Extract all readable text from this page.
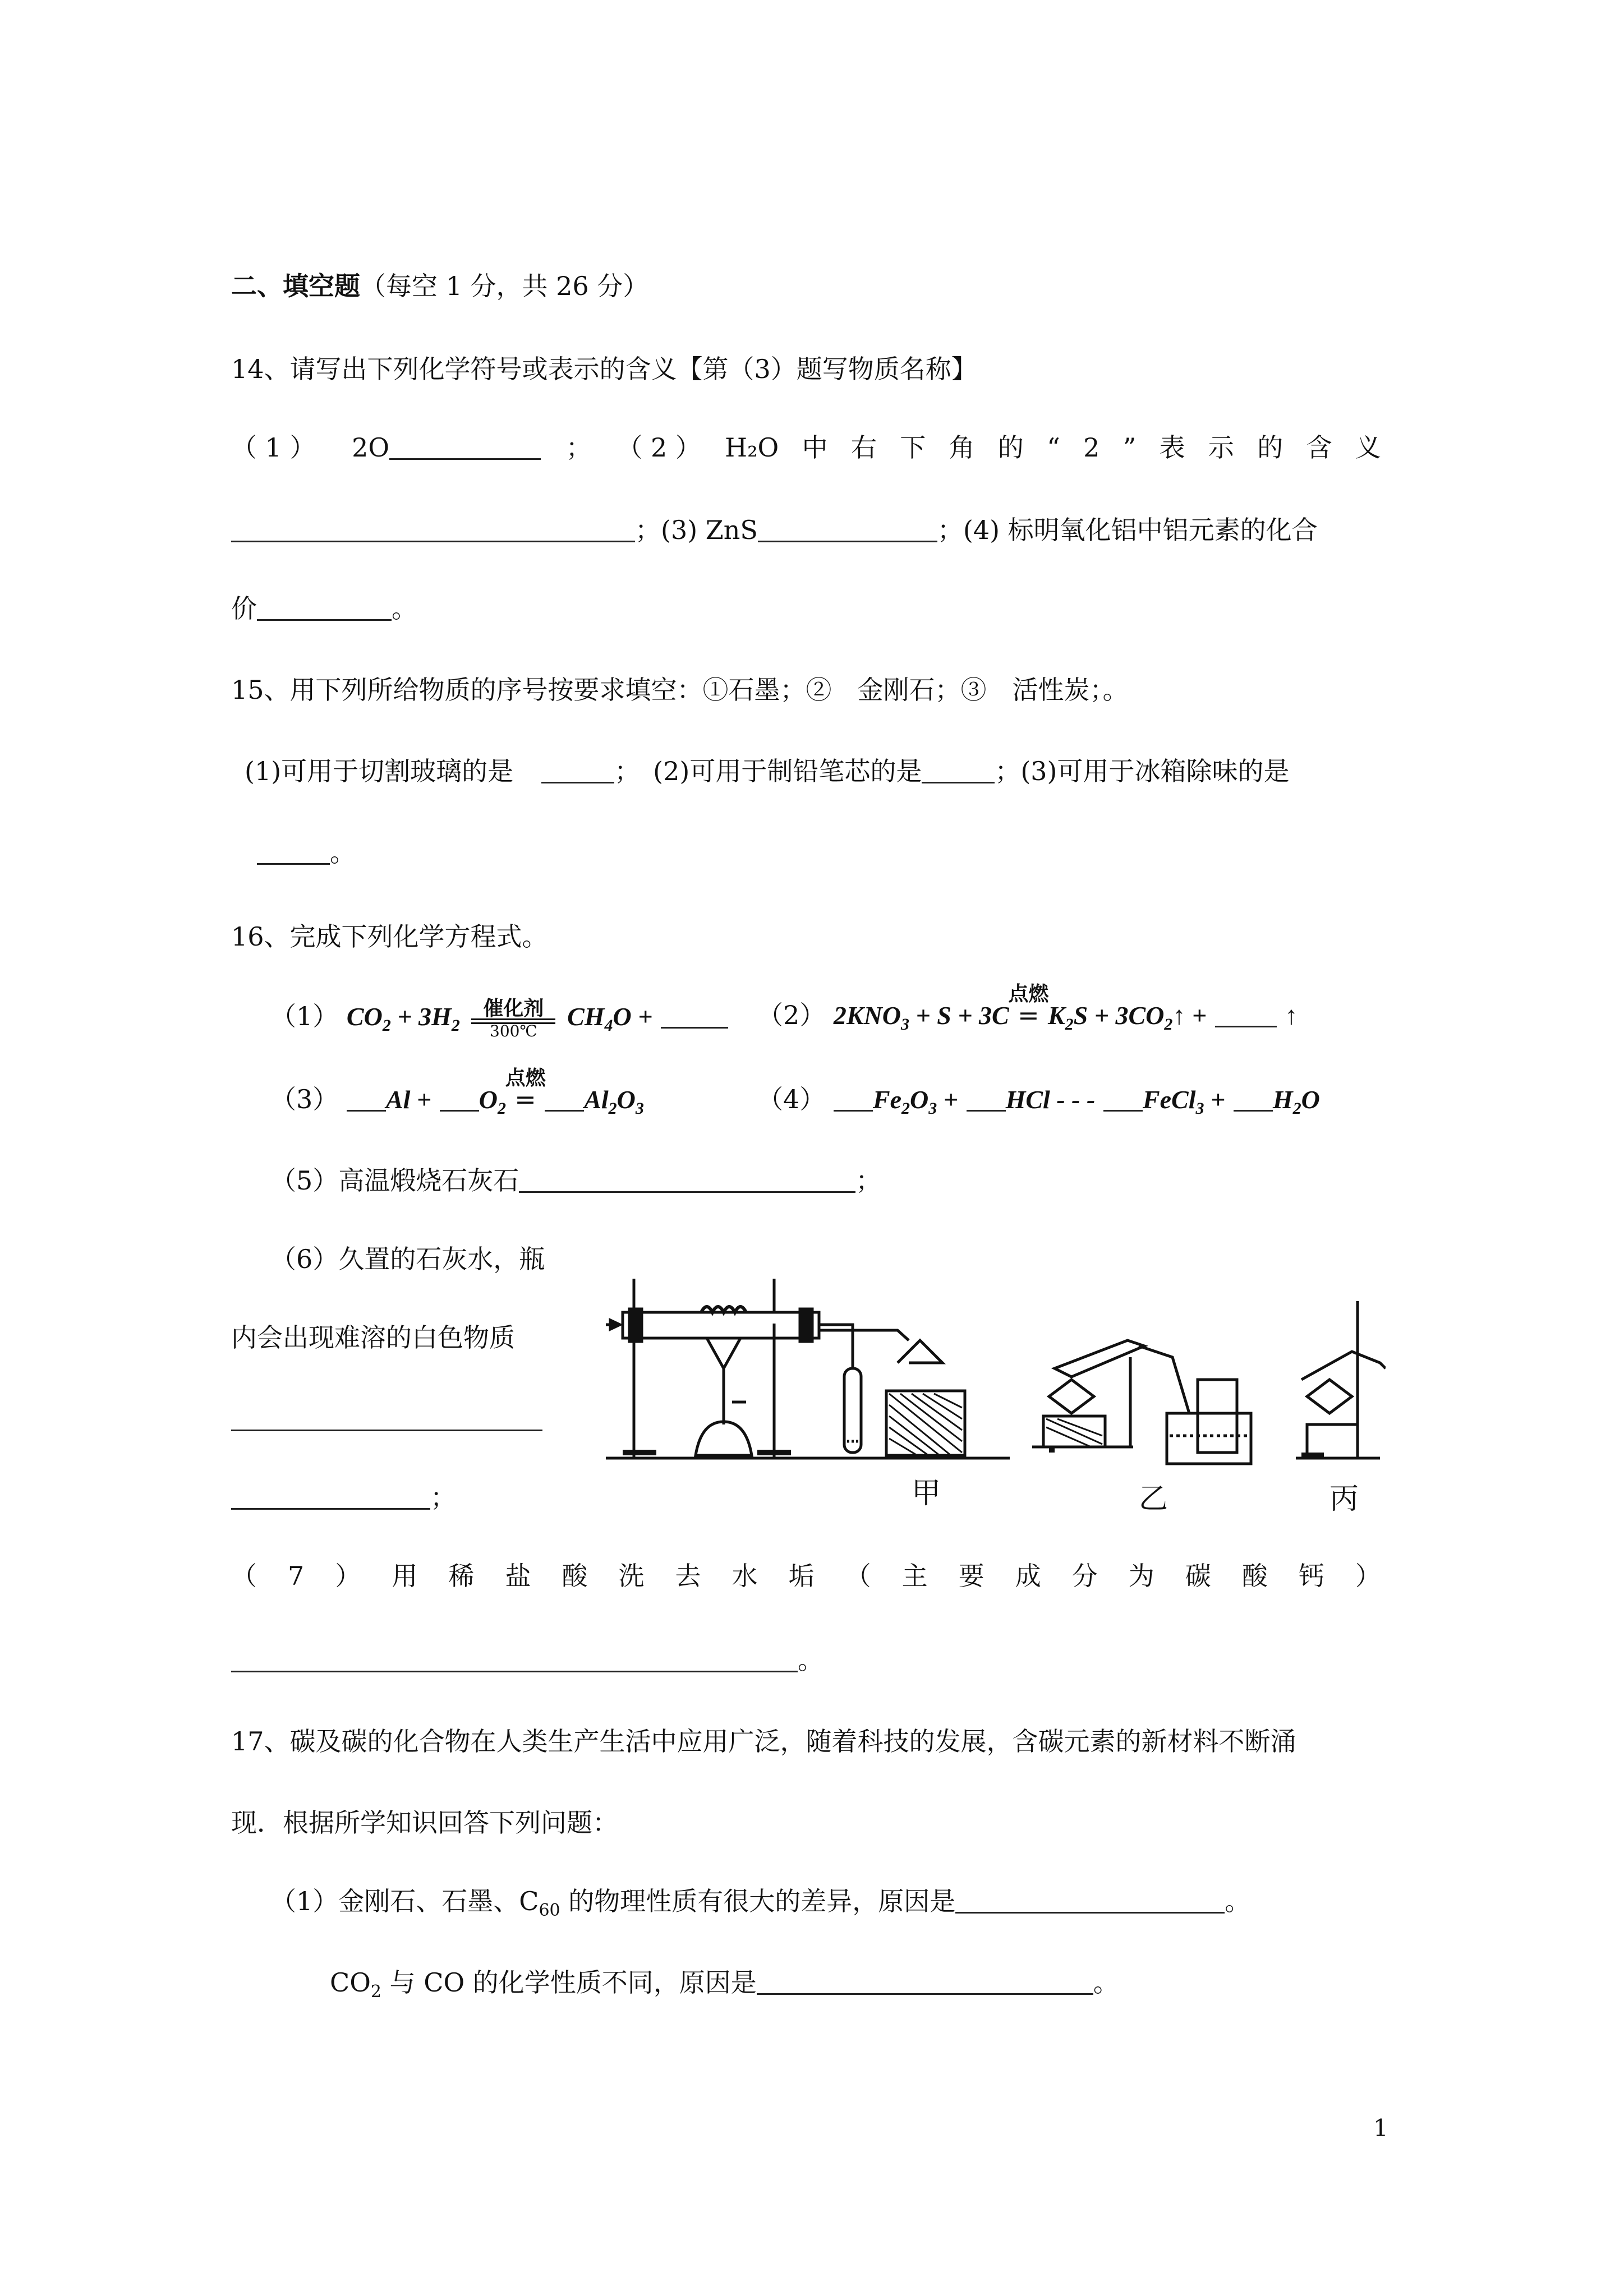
二、填空题（每空 1 分，共 26 分）
14、请写出下列化学符号或表示的含义【第（3）题写物质名称】
（ 1 ） 2O	； （ 2 ） H₂O 中 右 下 角 的 “ 2 ” 表 示 的 含 义
；(3) ZnS	；(4) 标明氧化铝中铝元素的化合
价	。
15、用下列所给物质的序号按要求填空：①石墨；②　金刚石；③　活性炭；。
(1)可用于切割玻璃的是	；　(2)可用于制铅笔芯的是	；(3)可用于冰箱除味的是
。
16、完成下列化学方程式。
（1） $CO_2 + 3H_2$
催化剂
300℃
$CH_4O$ +	（2） $2KNO_3 + S + 3C$
点燃
= $K_2S$ + $3CO_2↑$ +	↑
（3） $Al + O_2$
点燃
= $Al_2O_3$	（4） $Fe_2O_3$ + HCl - - - FeCl$_3$ + $H_2O$
（5）高温煅烧石灰石	；
（6）久置的石灰水，瓶
内会出现难溶的白色物质
；	甲	乙	丙
（ 7 ） 用 稀 盐 酸 洗 去 水 垢 （ 主 要 成 分 为 碳 酸 钙 ）
。
17、碳及碳的化合物在人类生产生活中应用广泛，随着科技的发展，含碳元素的新材料不断涌
现．根据所学知识回答下列问题：
（1）金刚石、石墨、$C_{60}$ 的物理性质有很大的差异，原因是	。
$CO_2$ 与 CO 的化学性质不同，原因是	。
1
